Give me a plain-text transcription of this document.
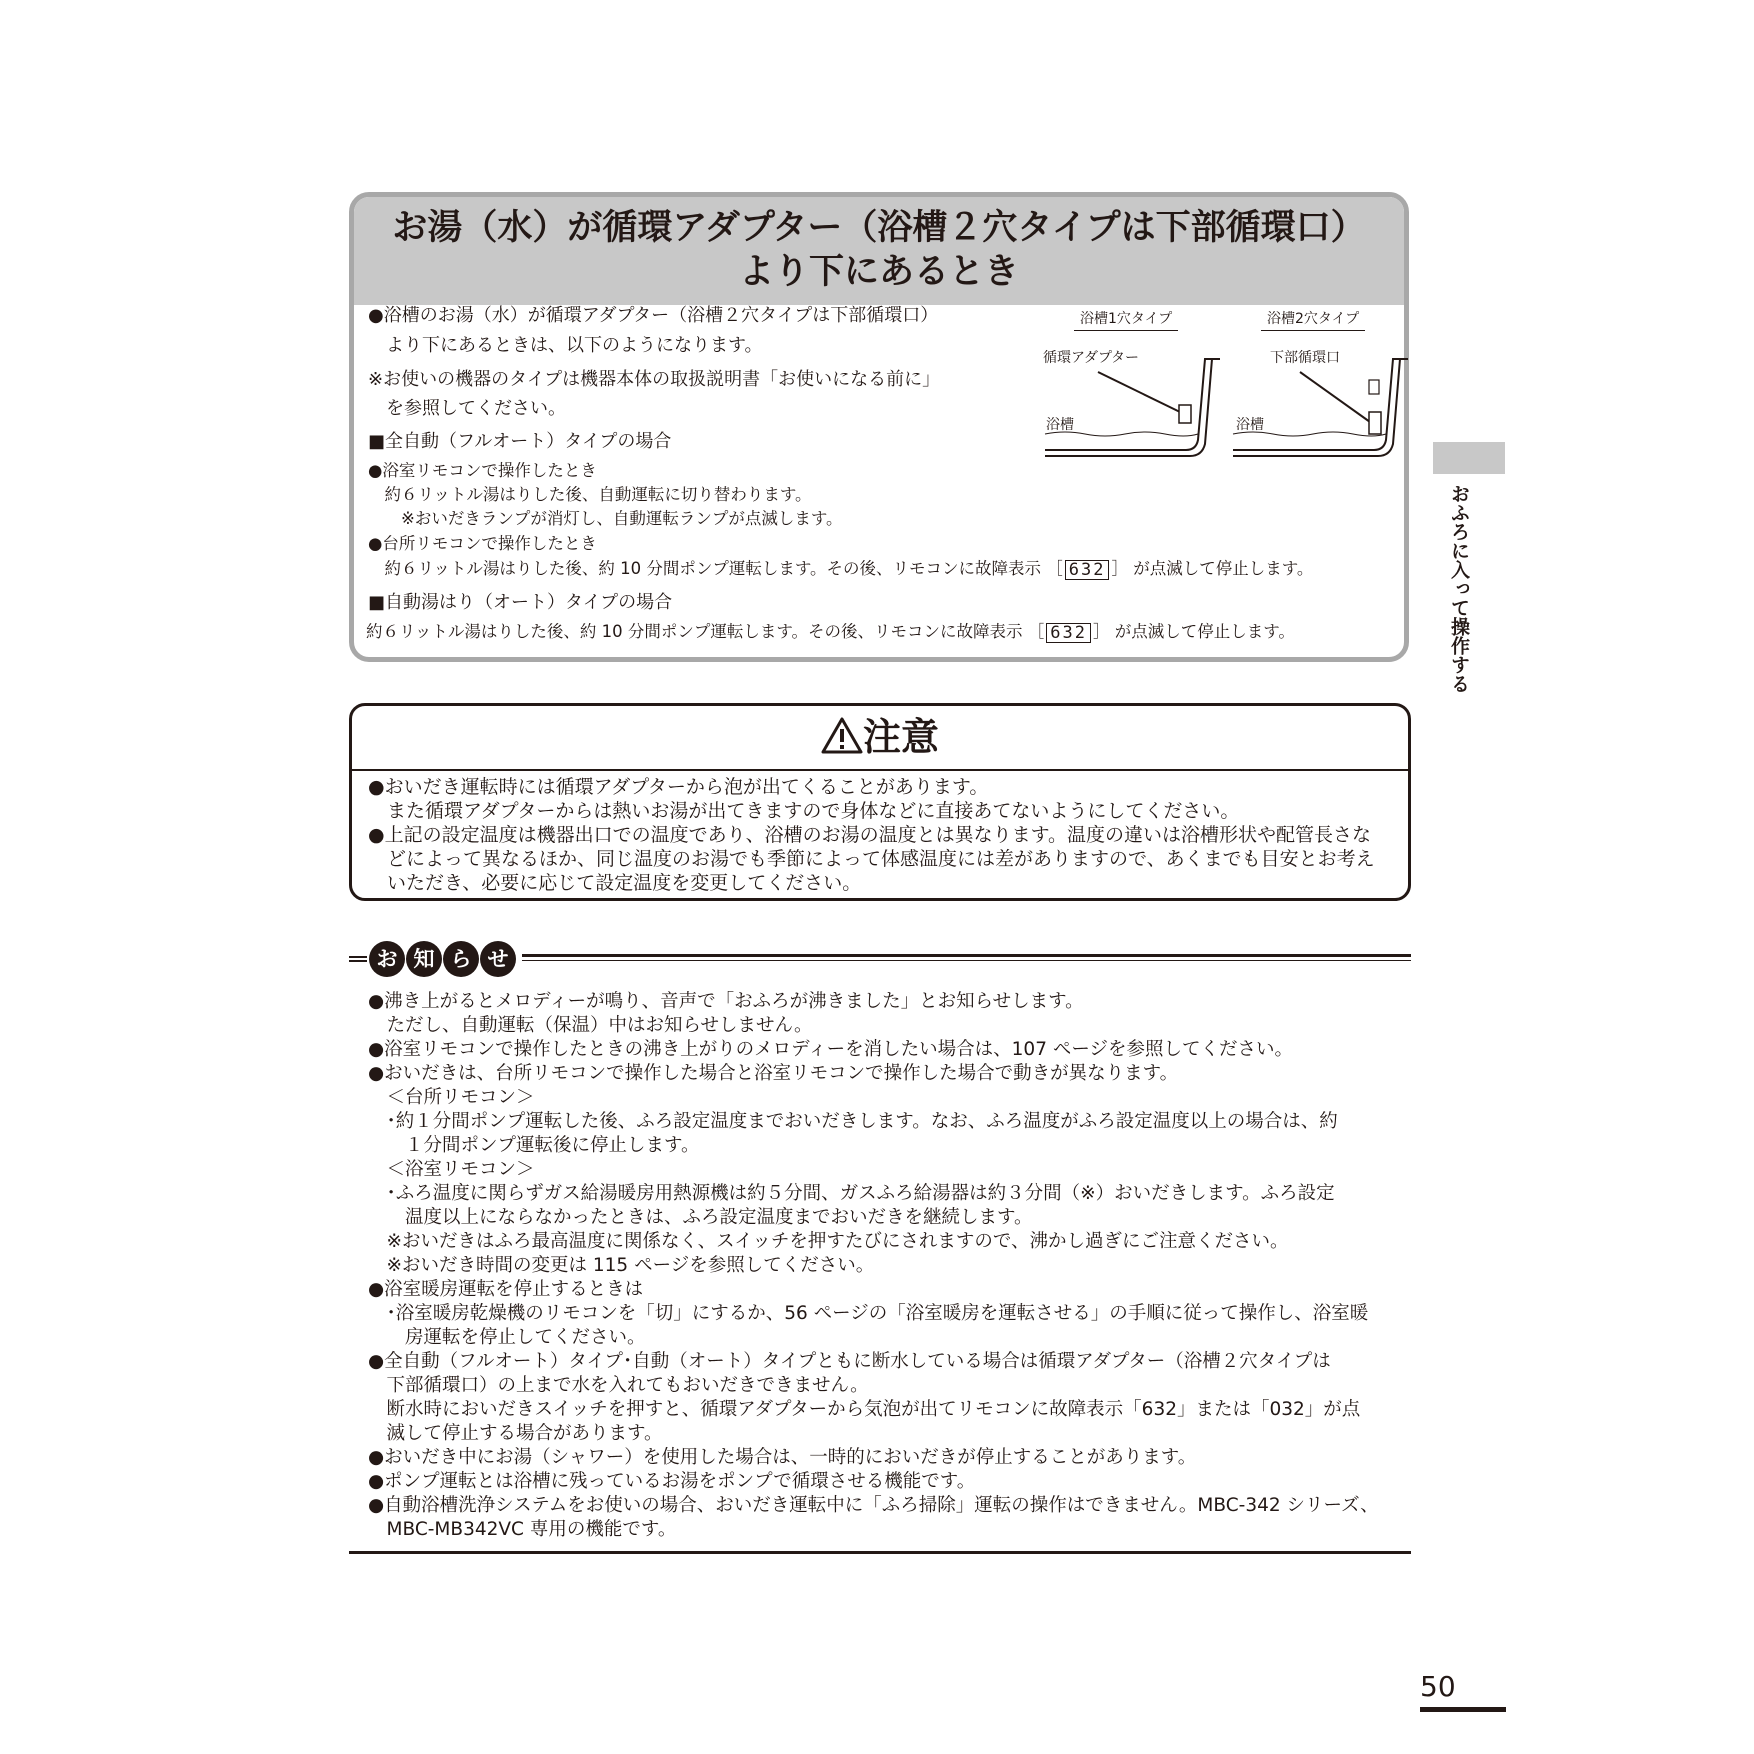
お湯（水）が循環アダプター（浴槽２穴タイプは下部循環口）
より下にあるとき
●浴槽のお湯（水）が循環アダプター（浴槽２穴タイプは下部循環口）
　より下にあるときは、以下のようになります。
※お使いの機器のタイプは機器本体の取扱説明書「お使いになる前に」
　を参照してください。
■全自動（フルオート）タイプの場合
●浴室リモコンで操作したとき
　約６リットル湯はりした後、自動運転に切り替わります。
　　※おいだきランプが消灯し、自動運転ランプが点滅します。
●台所リモコンで操作したとき
　約６リットル湯はりした後、約 10 分間ポンプ運転します。その後、リモコンに故障表示 ［ 632 ］ が点滅して停止します。
■自動湯はり（オート）タイプの場合
約６リットル湯はりした後、約 10 分間ポンプ運転します。その後、リモコンに故障表示 ［ 632 ］ が点滅して停止します。
浴槽1穴タイプ
循環アダプター
浴槽
浴槽2穴タイプ
下部循環口
浴槽
おふろに入って操作する
注意
●おいだき運転時には循環アダプターから泡が出てくることがあります。
　また循環アダプターからは熱いお湯が出てきますので身体などに直接あてないようにしてください。
●上記の設定温度は機器出口での温度であり、浴槽のお湯の温度とは異なります。温度の違いは浴槽形状や配管長さな
　どによって異なるほか、同じ温度のお湯でも季節によって体感温度には差がありますので、あくまでも目安とお考え
　いただき、必要に応じて設定温度を変更してください。
お 知 ら せ
●沸き上がるとメロディーが鳴り、音声で「おふろが沸きました」とお知らせします。
　ただし、自動運転（保温）中はお知らせしません。
●浴室リモコンで操作したときの沸き上がりのメロディーを消したい場合は、107 ページを参照してください。
●おいだきは、台所リモコンで操作した場合と浴室リモコンで操作した場合で動きが異なります。
　＜台所リモコン＞
　･約１分間ポンプ運転した後、ふろ設定温度までおいだきします。なお、ふろ温度がふろ設定温度以上の場合は、約
　　１分間ポンプ運転後に停止します。
　＜浴室リモコン＞
　･ふろ温度に関らずガス給湯暖房用熱源機は約５分間、ガスふろ給湯器は約３分間（※）おいだきします。ふろ設定
　　温度以上にならなかったときは、ふろ設定温度までおいだきを継続します。
　※おいだきはふろ最高温度に関係なく、スイッチを押すたびにされますので、沸かし過ぎにご注意ください。
　※おいだき時間の変更は 115 ページを参照してください。
●浴室暖房運転を停止するときは
　･浴室暖房乾燥機のリモコンを「切」にするか、56 ページの「浴室暖房を運転させる」の手順に従って操作し、浴室暖
　　房運転を停止してください。
●全自動（フルオート）タイプ･自動（オート）タイプともに断水している場合は循環アダプター（浴槽２穴タイプは
　下部循環口）の上まで水を入れてもおいだきできません。
　断水時においだきスイッチを押すと、循環アダプターから気泡が出てリモコンに故障表示「632」または「032」が点
　滅して停止する場合があります。
●おいだき中にお湯（シャワー）を使用した場合は、一時的においだきが停止することがあります。
●ポンプ運転とは浴槽に残っているお湯をポンプで循環させる機能です。
●自動浴槽洗浄システムをお使いの場合、おいだき運転中に「ふろ掃除」運転の操作はできません。MBC-342 シリーズ、
　MBC-MB342VC 専用の機能です。
50
